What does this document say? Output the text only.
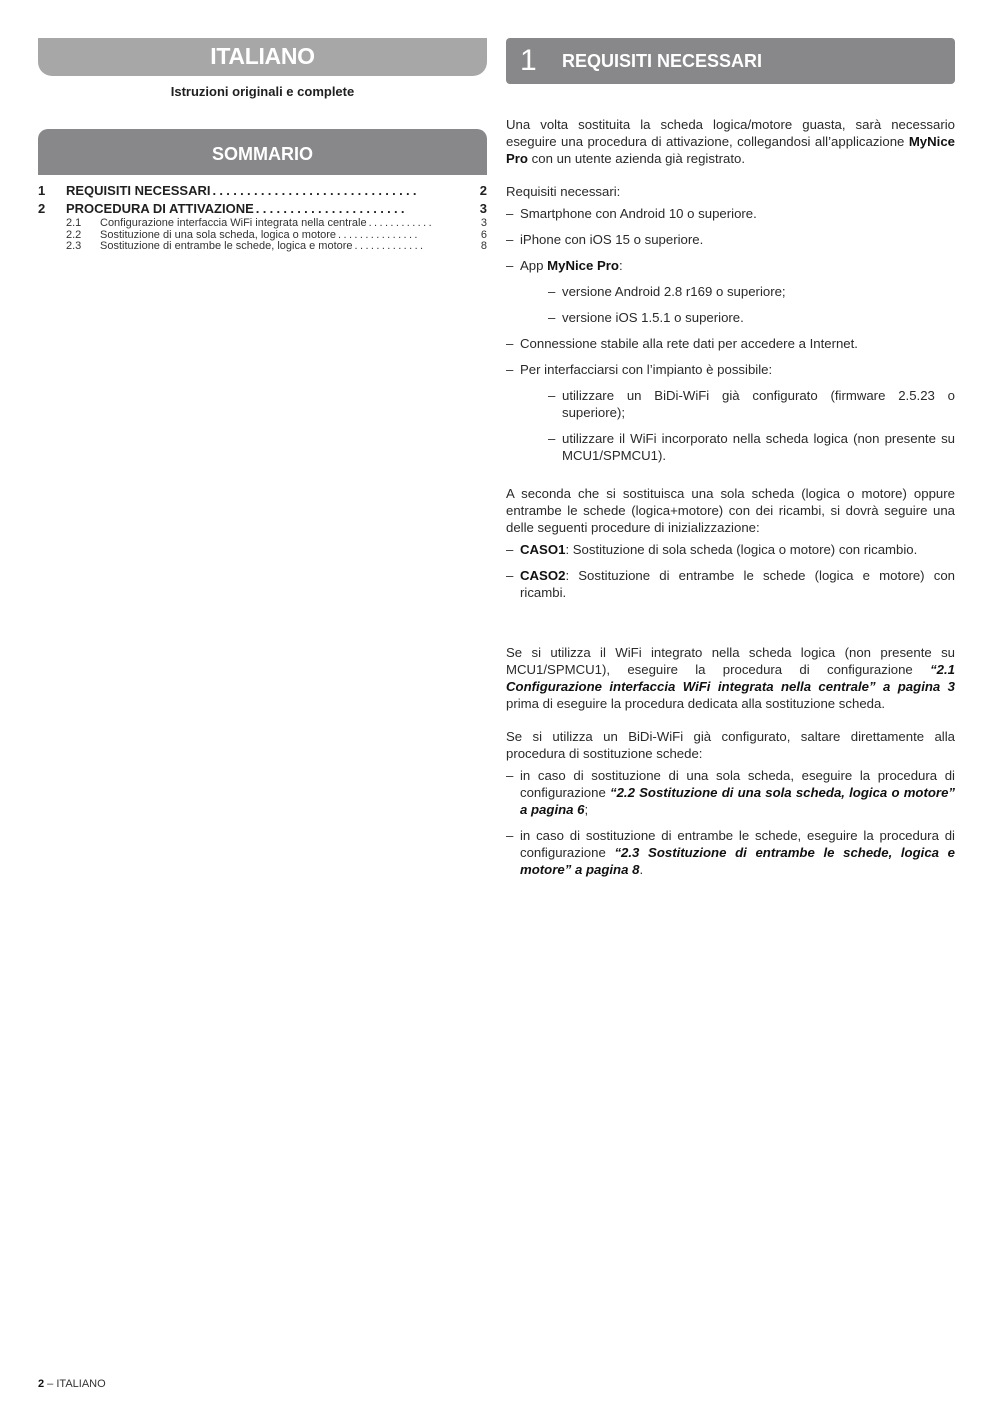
ITALIANO
Istruzioni originali e complete
SOMMARIO
1	REQUISITI NECESSARI ..............................	2
2	PROCEDURA DI ATTIVAZIONE ......................	3
2.1	Configurazione interfaccia WiFi integrata nella centrale ............	3
2.2	Sostituzione di una sola scheda, logica o motore ...............	6
2.3	Sostituzione di entrambe le schede, logica e motore .............	8
1	REQUISITI NECESSARI

Una volta sostituita la scheda logica/motore guasta, sarà necessario eseguire una procedura di attivazione, collegandosi all’applicazione MyNice Pro con un utente azienda già registrato.

Requisiti necessari:

– Smartphone con Android 10 o superiore.
– iPhone con iOS 15 o superiore.
– App MyNice Pro:
– versione Android 2.8 r169 o superiore;
– versione iOS 1.5.1 o superiore.
– Connessione stabile alla rete dati per accedere a Internet.
– Per interfacciarsi con l’impianto è possibile:
– utilizzare un BiDi-WiFi già configurato (firmware 2.5.23 o superiore);
– utilizzare il WiFi incorporato nella scheda logica (non presente su MCU1/SPMCU1).

A seconda che si sostituisca una sola scheda (logica o motore) oppure entrambe le schede (logica+motore) con dei ricambi, si dovrà seguire una delle seguenti procedure di inizializzazione:

– CASO1: Sostituzione di sola scheda (logica o motore) con ricambio.
– CASO2: Sostituzione di entrambe le schede (logica e motore) con ricambi.

Se si utilizza il WiFi integrato nella scheda logica (non presente su MCU1/SPMCU1), eseguire la procedura di configurazione “2.1 Configurazione interfaccia WiFi integrata nella centrale” a pagina 3 prima di eseguire la procedura dedicata alla sostituzione scheda.

Se si utilizza un BiDi-WiFi già configurato, saltare direttamente alla procedura di sostituzione schede:

– in caso di sostituzione di una sola scheda, eseguire la procedura di configurazione “2.2 Sostituzione di una sola scheda, logica o motore” a pagina 6;
– in caso di sostituzione di entrambe le schede, eseguire la procedura di configurazione “2.3 Sostituzione di entrambe le schede, logica e motore” a pagina 8.
2 – ITALIANO
